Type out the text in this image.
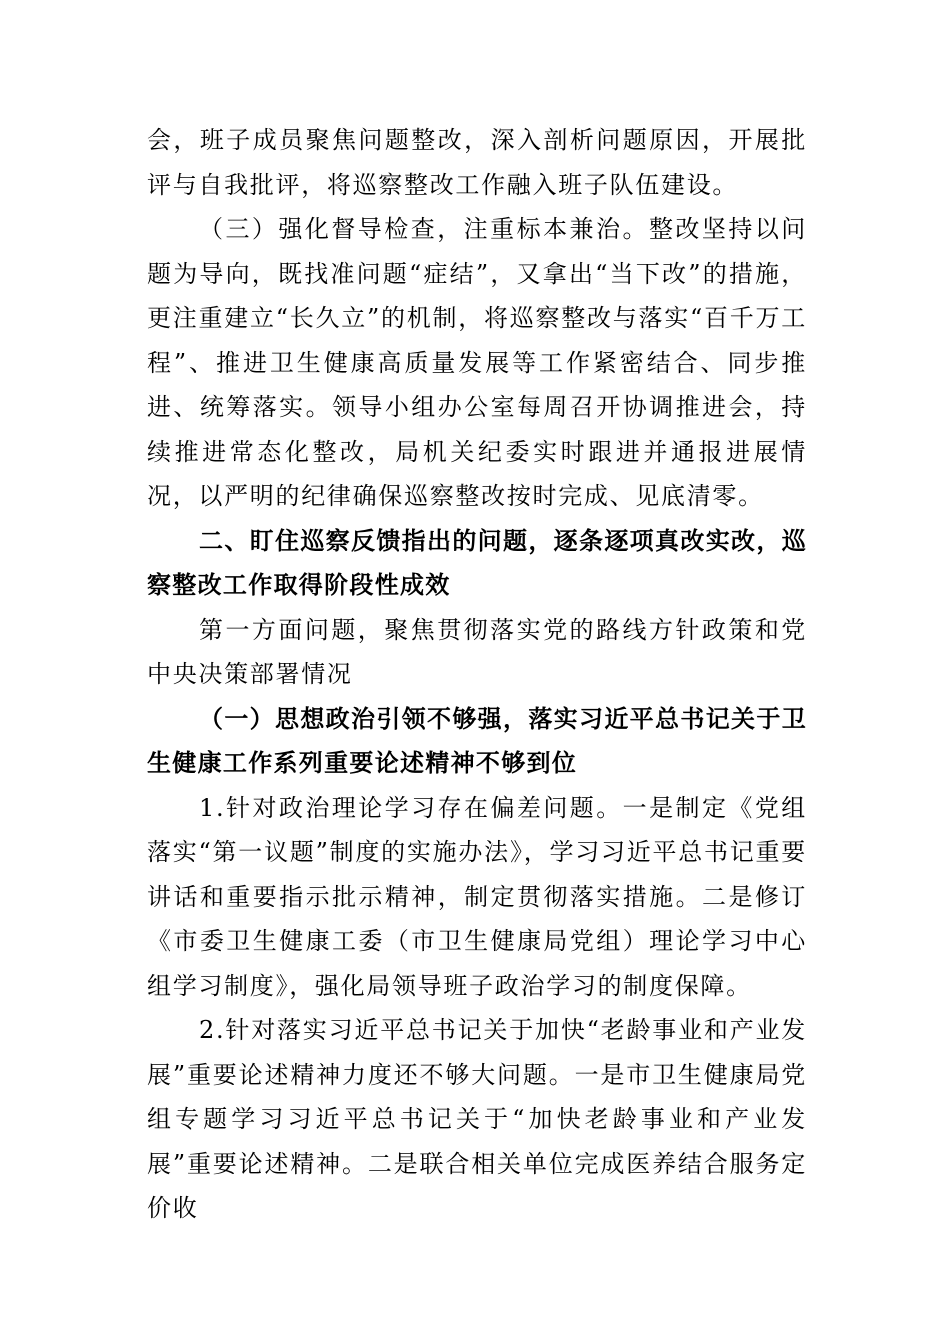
会，班子成员聚焦问题整改，深入剖析问题原因，开展批评与自我批评，将巡察整改工作融入班子队伍建设。

（三）强化督导检查，注重标本兼治。整改坚持以问题为导向，既找准问题“症结”，又拿出“当下改”的措施，更注重建立“长久立”的机制，将巡察整改与落实“百千万工程”、推进卫生健康高质量发展等工作紧密结合、同步推进、统筹落实。领导小组办公室每周召开协调推进会，持续推进常态化整改，局机关纪委实时跟进并通报进展情况，以严明的纪律确保巡察整改按时完成、见底清零。

二、盯住巡察反馈指出的问题，逐条逐项真改实改，巡察整改工作取得阶段性成效

第一方面问题，聚焦贯彻落实党的路线方针政策和党中央决策部署情况

（一）思想政治引领不够强，落实习近平总书记关于卫生健康工作系列重要论述精神不够到位

1.针对政治理论学习存在偏差问题。一是制定《党组落实“第一议题”制度的实施办法》，学习习近平总书记重要讲话和重要指示批示精神，制定贯彻落实措施。二是修订《市委卫生健康工委（市卫生健康局党组）理论学习中心组学习制度》，强化局领导班子政治学习的制度保障。

2.针对落实习近平总书记关于加快“老龄事业和产业发展”重要论述精神力度还不够大问题。一是市卫生健康局党组专题学习习近平总书记关于“加快老龄事业和产业发展”重要论述精神。二是联合相关单位完成医养结合服务定价收
